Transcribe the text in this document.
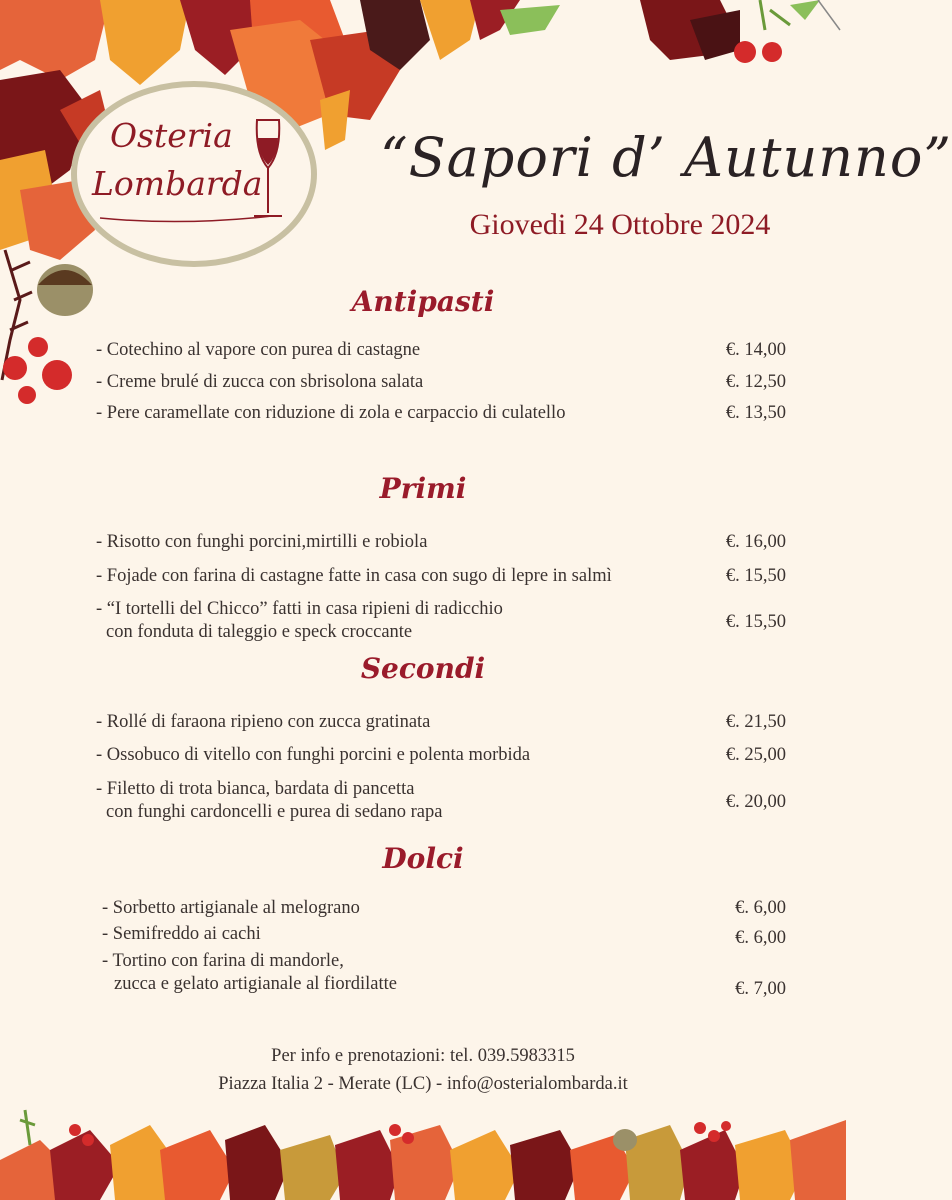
Osteria
Lombarda “Sapori d’ Autunno”
Giovedi 24 Ottobre 2024
Antipasti
- Cotechino al vapore con purea di castagne	€. 14,00
- Creme brulé di zucca con sbrisolona salata	€. 12,50
- Pere caramellate con riduzione di zola e carpaccio di culatello	€. 13,50
Primi
- Risotto con funghi porcini,mirtilli e robiola	€. 16,00
- Fojade con farina di castagne fatte in casa con sugo di lepre in salmì	€. 15,50
- “I tortelli del Chicco” fatti in casa ripieni di radicchio
con fonduta di taleggio e speck croccante	€. 15,50
Secondi
- Rollé di faraona ripieno con zucca gratinata	€. 21,50
- Ossobuco di vitello con funghi porcini e polenta morbida	€. 25,00
- Filetto di trota bianca, bardata di pancetta
con funghi cardoncelli e purea di sedano rapa	€. 20,00
Dolci
- Sorbetto artigianale al melograno	€. 6,00
- Semifreddo ai cachi	€. 6,00
- Tortino con farina di mandorle,
zucca e gelato artigianale al fiordilatte	€. 7,00
Per info e prenotazioni: tel. 039.5983315
Piazza Italia 2 - Merate (LC) - info@osterialombarda.it
